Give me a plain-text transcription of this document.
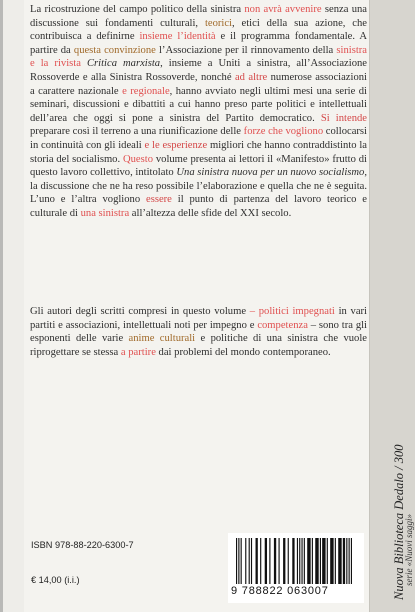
La ricostruzione del campo politico della sinistra non avrà avvenire senza una discussione sui fondamenti culturali, teorici, etici della sua azione, che contribuisca a definirne insieme l’identità e il programma fondamentale. A partire da questa convinzione l’Associazione per il rinnovamento della sinistra e la rivista Critica marxista, insieme a Uniti a sinistra, all’Associazione Rossoverde e alla Sinistra Rossoverde, nonché ad altre numerose associazioni a carattere nazionale e regionale, hanno avviato negli ultimi mesi una serie di seminari, discussioni e dibattiti a cui hanno preso parte politici e intellettuali dell’area che oggi si pone a sinistra del Partito democratico. Si intende preparare così il terreno a una riunificazione delle forze che vogliono collocarsi in continuità con gli ideali e le esperienze migliori che hanno contraddistinto la storia del socialismo. Questo volume presenta ai lettori il «Manifesto» frutto di questo lavoro collettivo, intitolato Una sinistra nuova per un nuovo socialismo, la discussione che ne ha reso possibile l’elaborazione e quella che ne è seguita. L’uno e l’altra vogliono essere il punto di partenza del lavoro teorico e culturale di una sinistra all’altezza delle sfide del XXI secolo.

Gli autori degli scritti compresi in questo volume – politici impegnati in vari partiti e associazioni, intellettuali noti per impegno e competenza – sono tra gli esponenti delle varie anime culturali e politiche di una sinistra che vuole riprogettare se stessa a partire dai problemi del mondo contemporaneo.

Nuova Biblioteca Dedalo / 300
serie «Nuovi saggi»
ISBN 978-88-220-6300-7
€ 14,00 (i.i.)
9 788822 063007
